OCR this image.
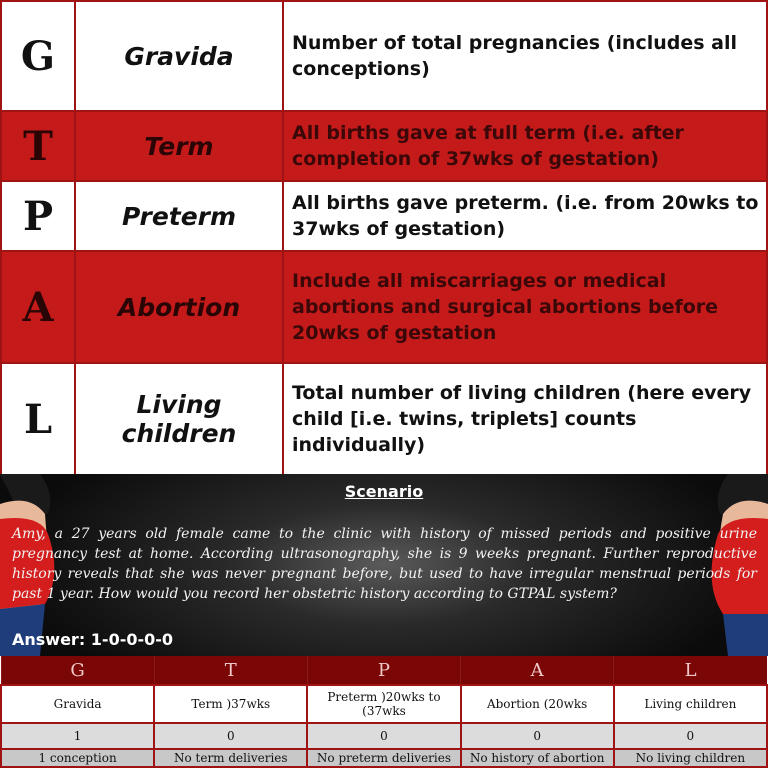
G	Gravida	Number of total pregnancies (includes all conceptions)
T	Term	All births gave at full term (i.e. after completion of 37wks of gestation)
P	Preterm	All births gave preterm. (i.e. from 20wks to 37wks of gestation)
A	Abortion	Include all miscarriages or medical abortions and surgical abortions before 20wks of gestation
L	Living children	Total number of living children (here every child [i.e. twins, triplets] counts individually)
Scenario
Amy, a 27 years old female came to the clinic with history of missed periods and positive urine pregnancy test at home. According ultrasonography, she is 9 weeks pregnant. Further reproductive history reveals that she was never pregnant before, but used to have irregular menstrual periods for past 1 year. How would you record her obstetric history according to GTPAL system?
Answer: 1-0-0-0-0
G	T	P	A	L
Gravida	Term )37wks	Preterm )20wks to (37wks	Abortion (20wks	Living children
1	0	0	0	0
1 conception	No term deliveries	No preterm deliveries	No history of abortion	No living children
